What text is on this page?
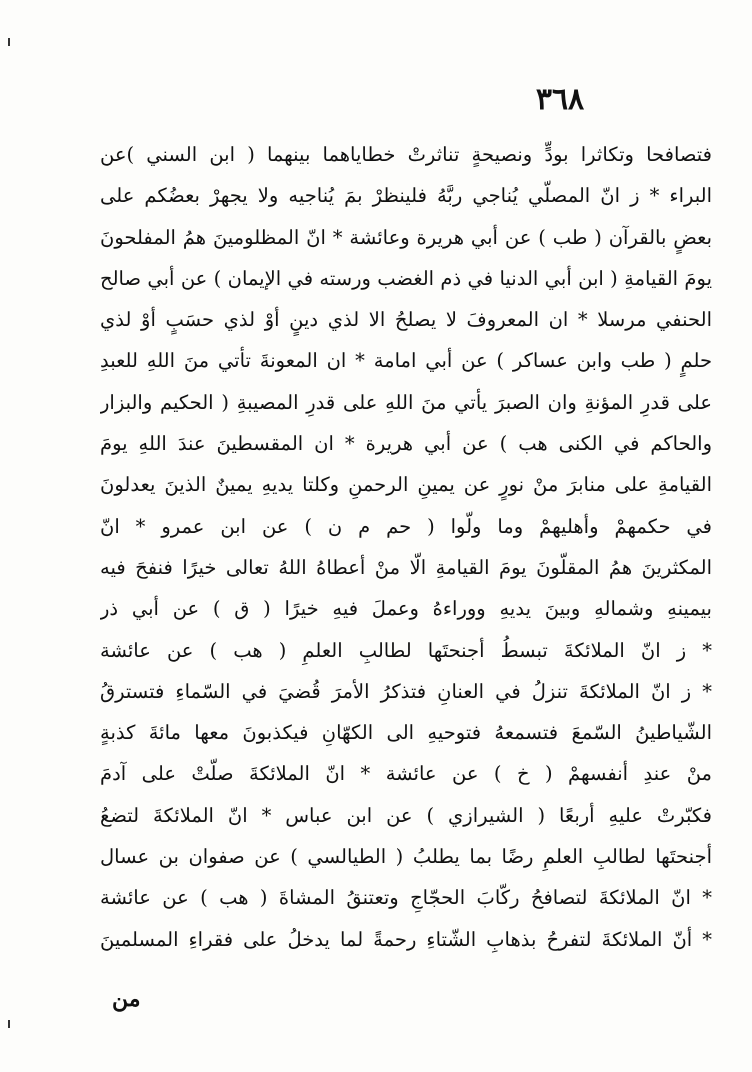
٣٦٨
فتصافحا وتكاثرا بودٍّ ونصيحةٍ تناثرتْ خطاياهما بينهما ( ابن السني )عن
البراء * ز انّ المصلّي يُناجي ربَّهُ فلينظرْ بمَ يُناجيه ولا يجهرْ بعضُكم على
بعضٍ بالقرآن ( طب ) عن أبي هريرة وعائشة * انّ المظلومينَ همُ المفلحونَ
يومَ القيامةِ ( ابن أبي الدنيا في ذم الغضب ورسته في الإيمان ) عن أبي صالح
الحنفي مرسلا * ان المعروفَ لا يصلحُ الا لذي دينٍ أوْ لذي حسَبٍ أوْ لذي
حلمٍ ( طب وابن عساكر ) عن أبي امامة * ان المعونةَ تأتي منَ اللهِ للعبدِ
على قدرِ المؤنةِ وان الصبرَ يأتي منَ اللهِ على قدرِ المصيبةِ ( الحكيم والبزار
والحاكم في الكنى هب ) عن أبي هريرة * ان المقسطينَ عندَ اللهِ يومَ
القيامةِ على منابرَ منْ نورٍ عن يمينِ الرحمنِ وكلتا يديهِ يمينٌ الذينَ يعدلونَ
في حكمهمْ وأهليهمْ وما ولّوا ( حم م ن ) عن ابن عمرو * انّ
المكثرينَ همُ المقلّونَ يومَ القيامةِ الّا منْ أعطاهُ اللهُ تعالى خيرًا فنفحَ فيه
بيمينهِ وشمالهِ وبينَ يديهِ ووراءهُ وعملَ فيهِ خيرًا ( ق ) عن أبي ذر
* ز انّ الملائكةَ تبسطُ أجنحتَها لطالبِ العلمِ ( هب ) عن عائشة
* ز انّ الملائكةَ تنزلُ في العنانِ فتذكرُ الأمرَ قُضيَ في السّماءِ فتسترقُ
الشّياطينُ السّمعَ فتسمعهُ فتوحيهِ الى الكهّانِ فيكذبونَ معها مائةَ كذبةٍ
منْ عندِ أنفسهمْ ( خ ) عن عائشة * انّ الملائكةَ صلّتْ على آدمَ
فكبّرتْ عليهِ أربعًا ( الشيرازي ) عن ابن عباس * انّ الملائكةَ لتضعُ
أجنحتَها لطالبِ العلمِ رضًا بما يطلبُ ( الطيالسي ) عن صفوان بن عسال
* انّ الملائكةَ لتصافحُ ركّابَ الحجّاجِ وتعتنقُ المشاةَ ( هب ) عن عائشة
* أنّ الملائكةَ لتفرحُ بذهابِ الشّتاءِ رحمةً لما يدخلُ على فقراءِ المسلمينَ
من
